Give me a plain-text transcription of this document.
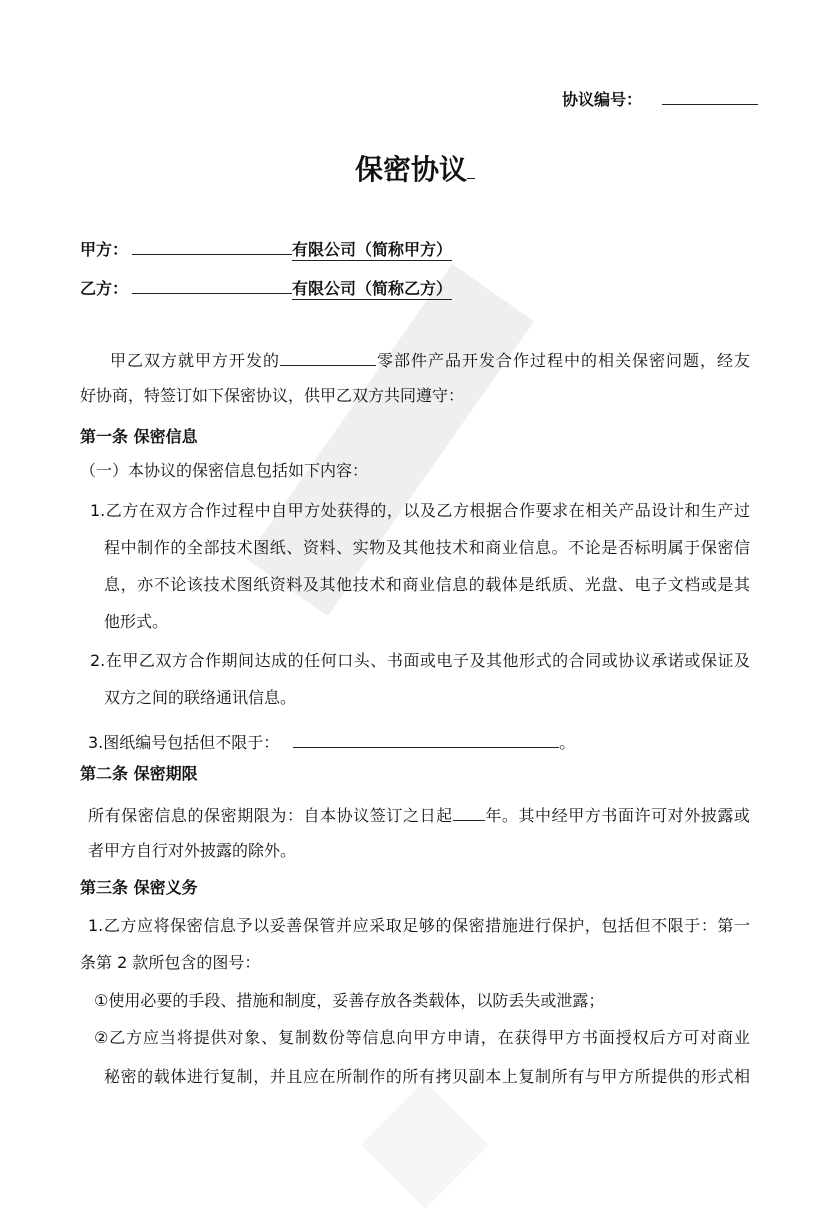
协议编号：
保密协议
甲方：	有限公司（简称甲方）
乙方：	有限公司（简称乙方）
甲乙双方就甲方开发的	零部件产品开发合作过程中的相关保密问题，经友
好协商，特签订如下保密协议，供甲乙双方共同遵守：
第一条 保密信息
（一）本协议的保密信息包括如下内容：
1.乙方在双方合作过程中自甲方处获得的，以及乙方根据合作要求在相关产品设计和生产过
程中制作的全部技术图纸、资料、实物及其他技术和商业信息。不论是否标明属于保密信
息，亦不论该技术图纸资料及其他技术和商业信息的载体是纸质、光盘、电子文档或是其
他形式。
2.在甲乙双方合作期间达成的任何口头、书面或电子及其他形式的合同或协议承诺或保证及
双方之间的联络通讯信息。
3.图纸编号包括但不限于：	。
第二条 保密期限
所有保密信息的保密期限为：自本协议签订之日起 年。其中经甲方书面许可对外披露或
者甲方自行对外披露的除外。
第三条 保密义务
1.乙方应将保密信息予以妥善保管并应采取足够的保密措施进行保护，包括但不限于：第一
条第 2 款所包含的图号：
①使用必要的手段、措施和制度，妥善存放各类载体，以防丢失或泄露；
②乙方应当将提供对象、复制数份等信息向甲方申请，在获得甲方书面授权后方可对商业
秘密的载体进行复制，并且应在所制作的所有拷贝副本上复制所有与甲方所提供的形式相
